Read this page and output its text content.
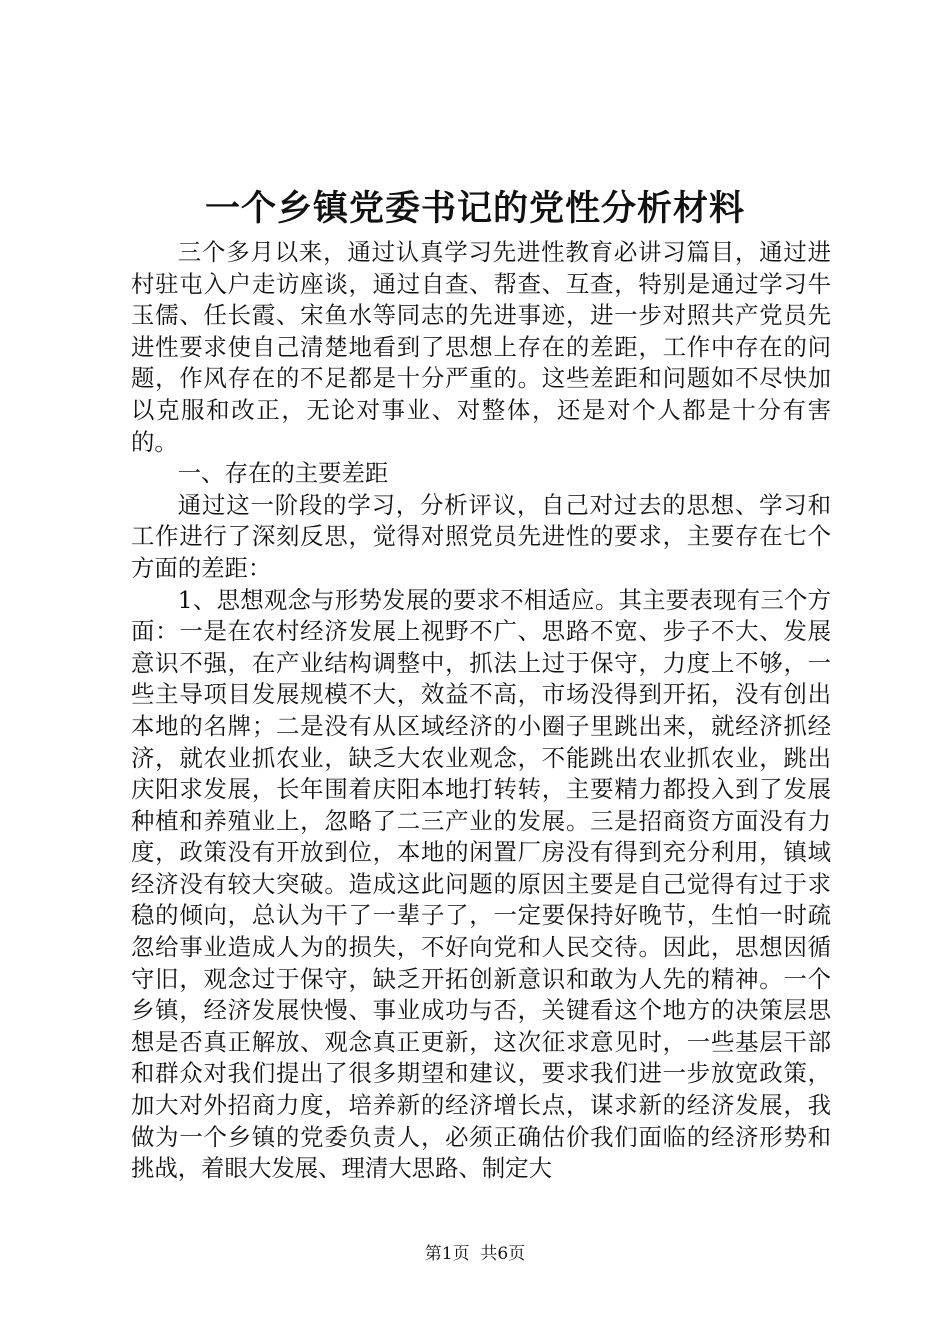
一个乡镇党委书记的党性分析材料

三个多月以来，通过认真学习先进性教育必讲习篇目，通过进村驻屯入户走访座谈，通过自查、帮查、互查，特别是通过学习牛玉儒、任长霞、宋鱼水等同志的先进事迹，进一步对照共产党员先进性要求使自己清楚地看到了思想上存在的差距，工作中存在的问题，作风存在的不足都是十分严重的。这些差距和问题如不尽快加以克服和改正，无论对事业、对整体，还是对个人都是十分有害的。

一、存在的主要差距

通过这一阶段的学习，分析评议，自己对过去的思想、学习和工作进行了深刻反思，觉得对照党员先进性的要求，主要存在七个方面的差距：

1、思想观念与形势发展的要求不相适应。其主要表现有三个方面：一是在农村经济发展上视野不广、思路不宽、步子不大、发展意识不强，在产业结构调整中，抓法上过于保守，力度上不够，一些主导项目发展规模不大，效益不高，市场没得到开拓，没有创出本地的名牌；二是没有从区域经济的小圈子里跳出来，就经济抓经济，就农业抓农业，缺乏大农业观念，不能跳出农业抓农业，跳出庆阳求发展，长年围着庆阳本地打转转，主要精力都投入到了发展种植和养殖业上，忽略了二三产业的发展。三是招商资方面没有力度，政策没有开放到位，本地的闲置厂房没有得到充分利用，镇域经济没有较大突破。造成这此问题的原因主要是自己觉得有过于求稳的倾向，总认为干了一辈子了，一定要保持好晚节，生怕一时疏忽给事业造成人为的损失，不好向党和人民交待。因此，思想因循守旧，观念过于保守，缺乏开拓创新意识和敢为人先的精神。一个乡镇，经济发展快慢、事业成功与否，关键看这个地方的决策层思想是否真正解放、观念真正更新，这次征求意见时，一些基层干部和群众对我们提出了很多期望和建议，要求我们进一步放宽政策，加大对外招商力度，培养新的经济增长点，谋求新的经济发展，我做为一个乡镇的党委负责人，必须正确估价我们面临的经济形势和挑战，着眼大发展、理清大思路、制定大

第1页  共6页
